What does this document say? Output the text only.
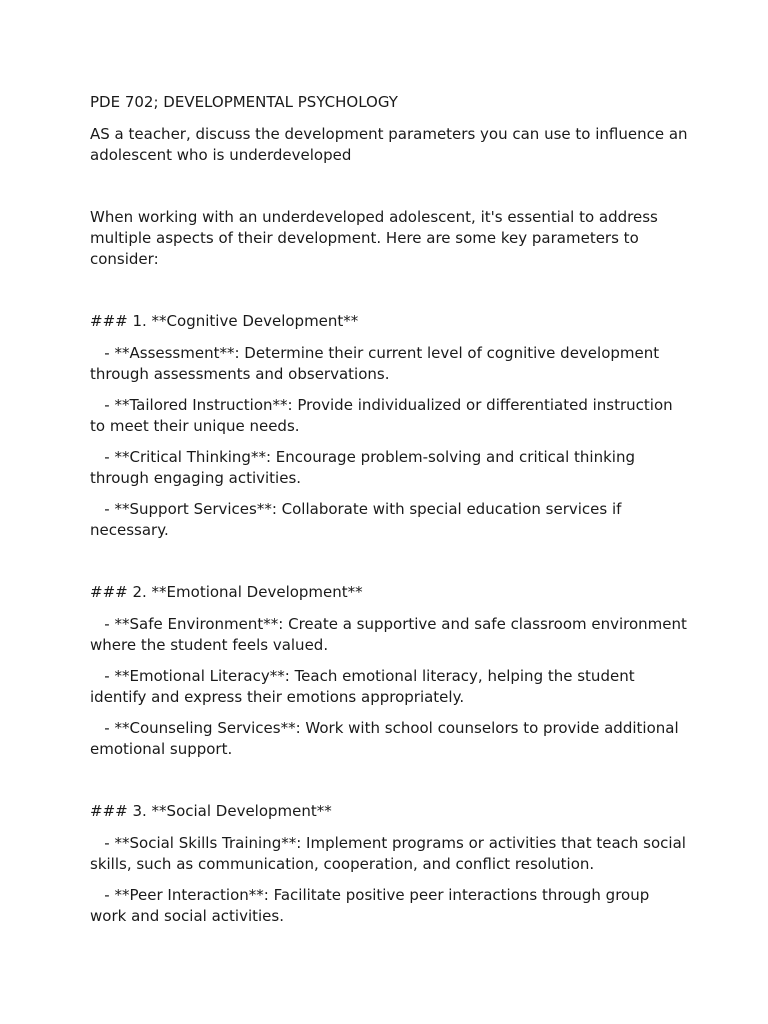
PDE 702; DEVELOPMENTAL PSYCHOLOGY

AS a teacher, discuss the development parameters you can use to influence an adolescent who is underdeveloped

When working with an underdeveloped adolescent, it's essential to address multiple aspects of their development. Here are some key parameters to consider:

### 1. **Cognitive Development**

- **Assessment**: Determine their current level of cognitive development through assessments and observations.

- **Tailored Instruction**: Provide individualized or differentiated instruction to meet their unique needs.

- **Critical Thinking**: Encourage problem-solving and critical thinking through engaging activities.

- **Support Services**: Collaborate with special education services if necessary.

### 2. **Emotional Development**

- **Safe Environment**: Create a supportive and safe classroom environment where the student feels valued.

- **Emotional Literacy**: Teach emotional literacy, helping the student identify and express their emotions appropriately.

- **Counseling Services**: Work with school counselors to provide additional emotional support.

### 3. **Social Development**

- **Social Skills Training**: Implement programs or activities that teach social skills, such as communication, cooperation, and conflict resolution.

- **Peer Interaction**: Facilitate positive peer interactions through group work and social activities.
